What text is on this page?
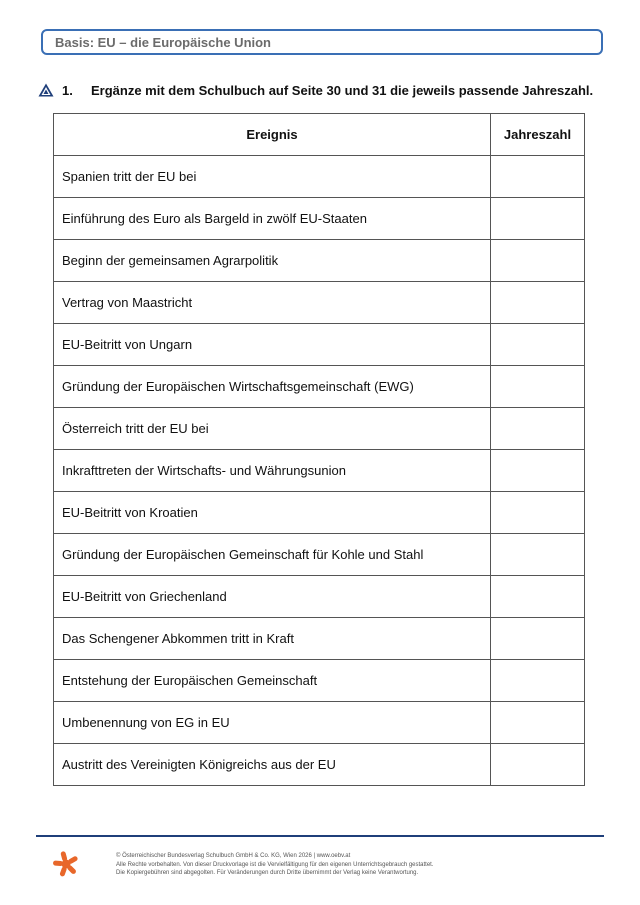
Basis: EU – die Europäische Union
1. Ergänze mit dem Schulbuch auf Seite 30 und 31 die jeweils passende Jahreszahl.
Ereignis	Jahreszahl
Spanien tritt der EU bei	
Einführung des Euro als Bargeld in zwölf EU-Staaten	
Beginn der gemeinsamen Agrarpolitik	
Vertrag von Maastricht	
EU-Beitritt von Ungarn	
Gründung der Europäischen Wirtschaftsgemeinschaft (EWG)	
Österreich tritt der EU bei	
Inkrafttreten der Wirtschafts- und Währungsunion	
EU-Beitritt von Kroatien	
Gründung der Europäischen Gemeinschaft für Kohle und Stahl	
EU-Beitritt von Griechenland	
Das Schengener Abkommen tritt in Kraft	
Entstehung der Europäischen Gemeinschaft	
Umbenennung von EG in EU	
Austritt des Vereinigten Königreichs aus der EU	
© Österreichischer Bundesverlag Schulbuch GmbH & Co. KG, Wien 2026 | www.oebv.at
Alle Rechte vorbehalten. Von dieser Druckvorlage ist die Vervielfältigung für den eigenen Unterrichtsgebrauch gestattet.
Die Kopiergebühren sind abgegolten. Für Veränderungen durch Dritte übernimmt der Verlag keine Verantwortung.
